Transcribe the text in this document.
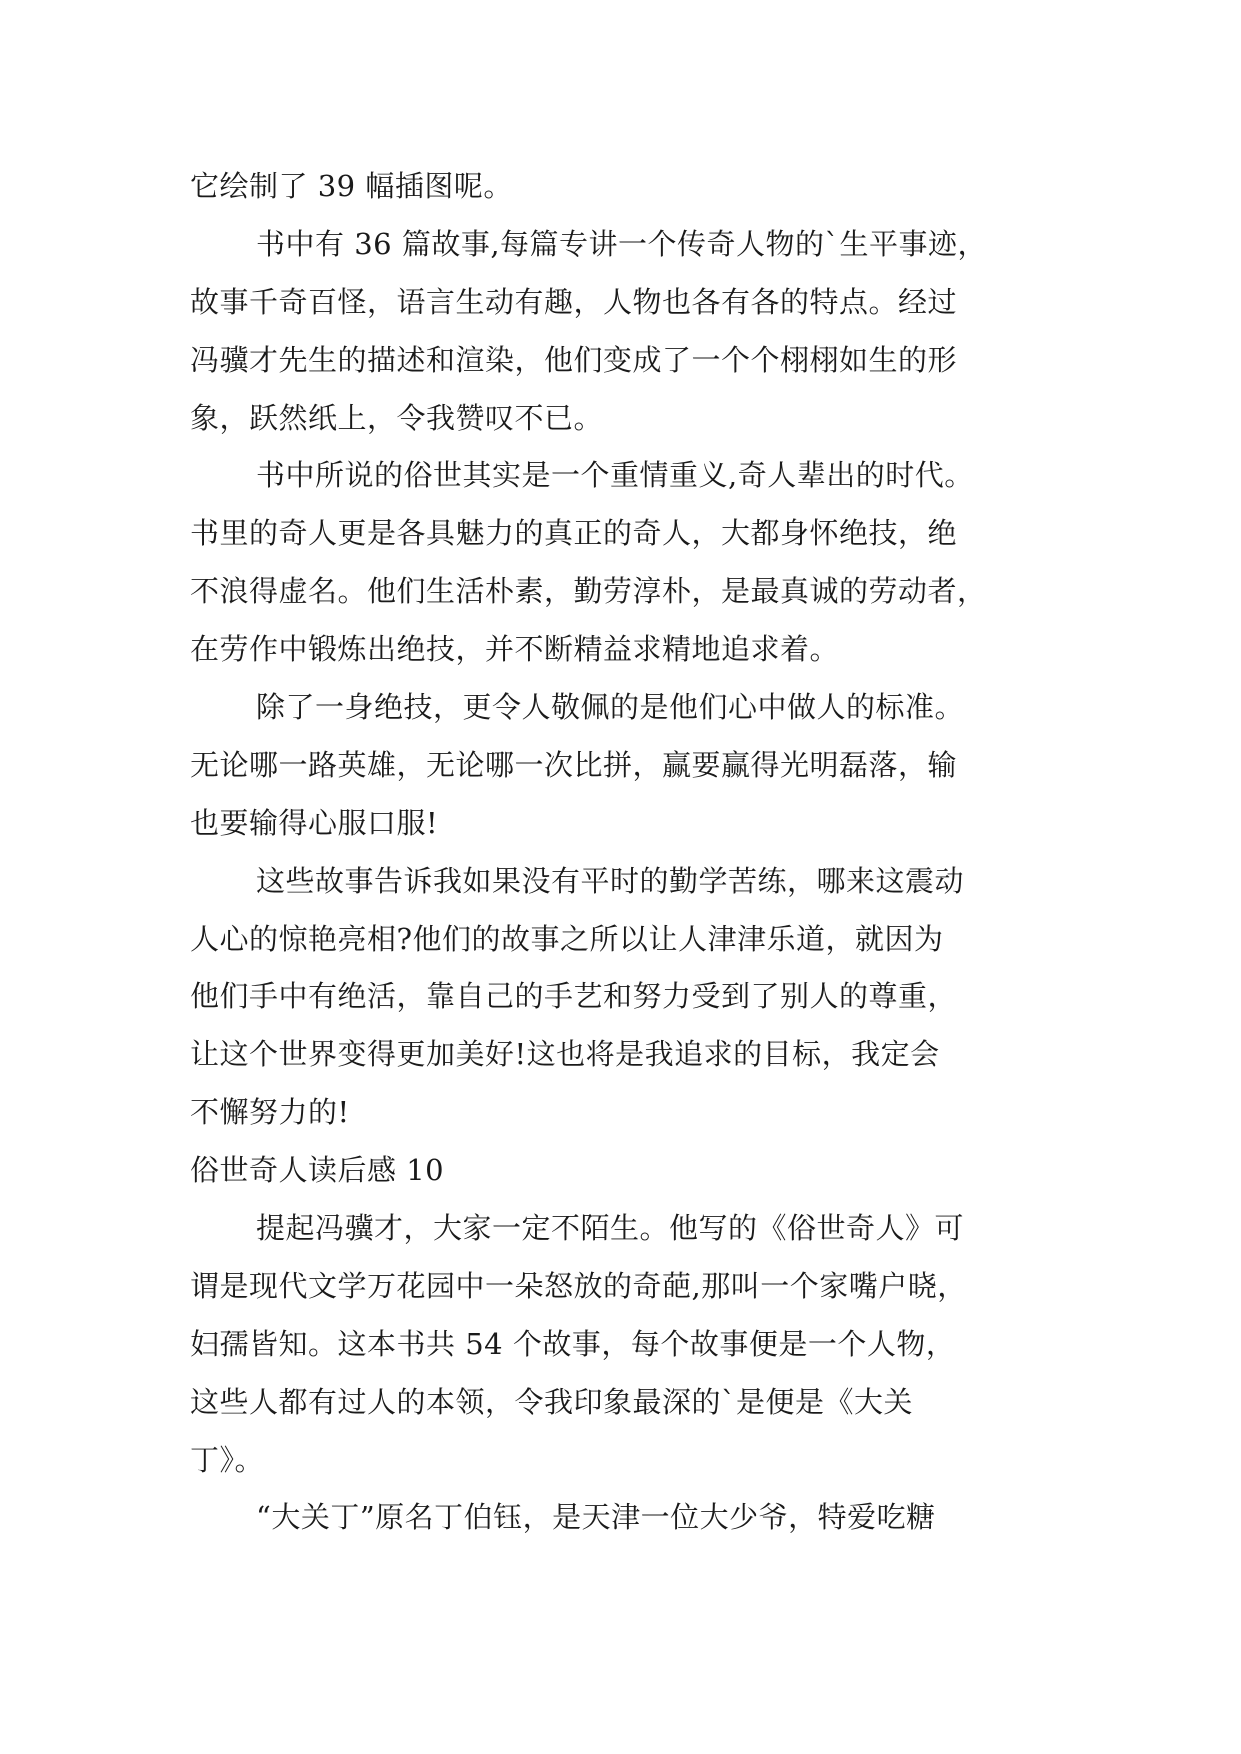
它绘制了 39 幅插图呢。
书中有 36 篇故事,每篇专讲一个传奇人物的`生平事迹，
故事千奇百怪，语言生动有趣，人物也各有各的特点。经过
冯骥才先生的描述和渲染，他们变成了一个个栩栩如生的形
象，跃然纸上，令我赞叹不已。
书中所说的俗世其实是一个重情重义,奇人辈出的时代。
书里的奇人更是各具魅力的真正的奇人，大都身怀绝技，绝
不浪得虚名。他们生活朴素，勤劳淳朴，是最真诚的劳动者，
在劳作中锻炼出绝技，并不断精益求精地追求着。
除了一身绝技，更令人敬佩的是他们心中做人的标准。
无论哪一路英雄，无论哪一次比拼，赢要赢得光明磊落，输
也要输得心服口服!
这些故事告诉我如果没有平时的勤学苦练，哪来这震动
人心的惊艳亮相?他们的故事之所以让人津津乐道，就因为
他们手中有绝活，靠自己的手艺和努力受到了别人的尊重，
让这个世界变得更加美好!这也将是我追求的目标，我定会
不懈努力的!
俗世奇人读后感 10
提起冯骥才，大家一定不陌生。他写的《俗世奇人》可
谓是现代文学万花园中一朵怒放的奇葩,那叫一个家嘴户晓，
妇孺皆知。这本书共 54 个故事，每个故事便是一个人物，
这些人都有过人的本领，令我印象最深的`是便是《大关
丁》。
“大关丁”原名丁伯钰，是天津一位大少爷，特爱吃糖
